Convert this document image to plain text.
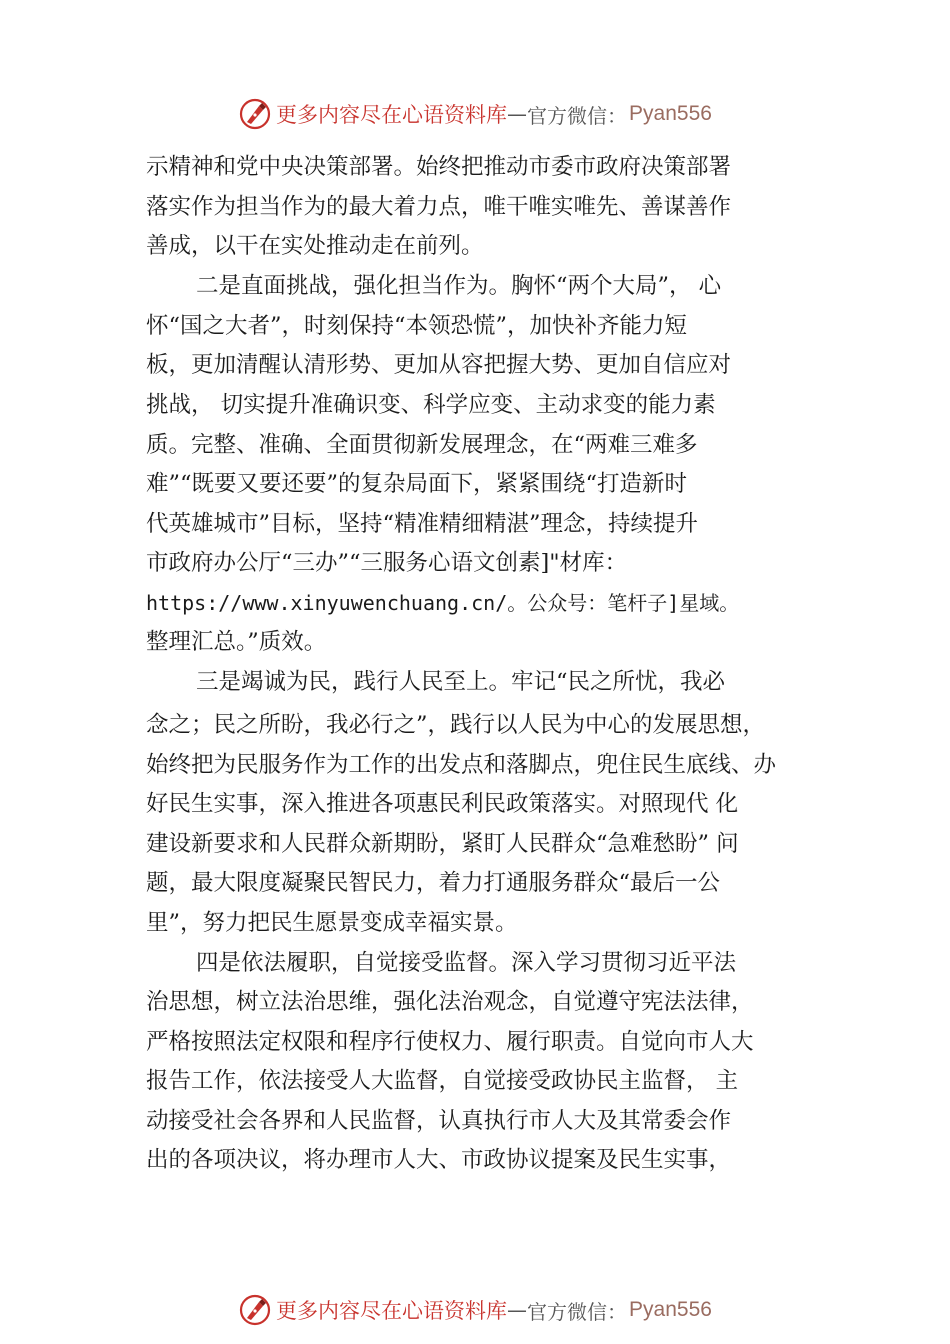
更多内容尽在心语资料库 — 官方微信： Pyan556
示精神和党中央决策部署。始终把推动市委市政府决策部署
落实作为担当作为的最大着力点，唯干唯实唯先、善谋善作
善成，以干在实处推动走在前列。
二是直面挑战，强化担当作为。胸怀“两个大局”， 心
怀“国之大者”，时刻保持“本领恐慌”，加快补齐能力短
板，更加清醒认清形势、更加从容把握大势、更加自信应对
挑战， 切实提升准确识变、科学应变、主动求变的能力素
质。完整、准确、全面贯彻新发展理念，在“两难三难多
难”“既要又要还要”的复杂局面下，紧紧围绕“打造新时
代英雄城市”目标，坚持“精准精细精湛”理念，持续提升
市政府办公厅“三办”“三服务心语文创素]"材库：
https://www.xinyuwenchuang.cn/。公众号：笔杆子]星域。
整理汇总。”质效。
三是竭诚为民，践行人民至上。牢记“民之所忧，我必
念之；民之所盼，我必行之”，践行以人民为中心的发展思想，
始终把为民服务作为工作的出发点和落脚点，兜住民生底线、办
好民生实事，深入推进各项惠民利民政策落实。对照现代 化
建设新要求和人民群众新期盼，紧盯人民群众“急难愁盼” 问
题，最大限度凝聚民智民力，着力打通服务群众“最后一公
里”，努力把民生愿景变成幸福实景。
四是依法履职，自觉接受监督。深入学习贯彻习近平法
治思想，树立法治思维，强化法治观念，自觉遵守宪法法律，
严格按照法定权限和程序行使权力、履行职责。自觉向市人大
报告工作，依法接受人大监督，自觉接受政协民主监督， 主
动接受社会各界和人民监督，认真执行市人大及其常委会作
出的各项决议，将办理市人大、市政协议提案及民生实事，
更多内容尽在心语资料库 — 官方微信： Pyan556
